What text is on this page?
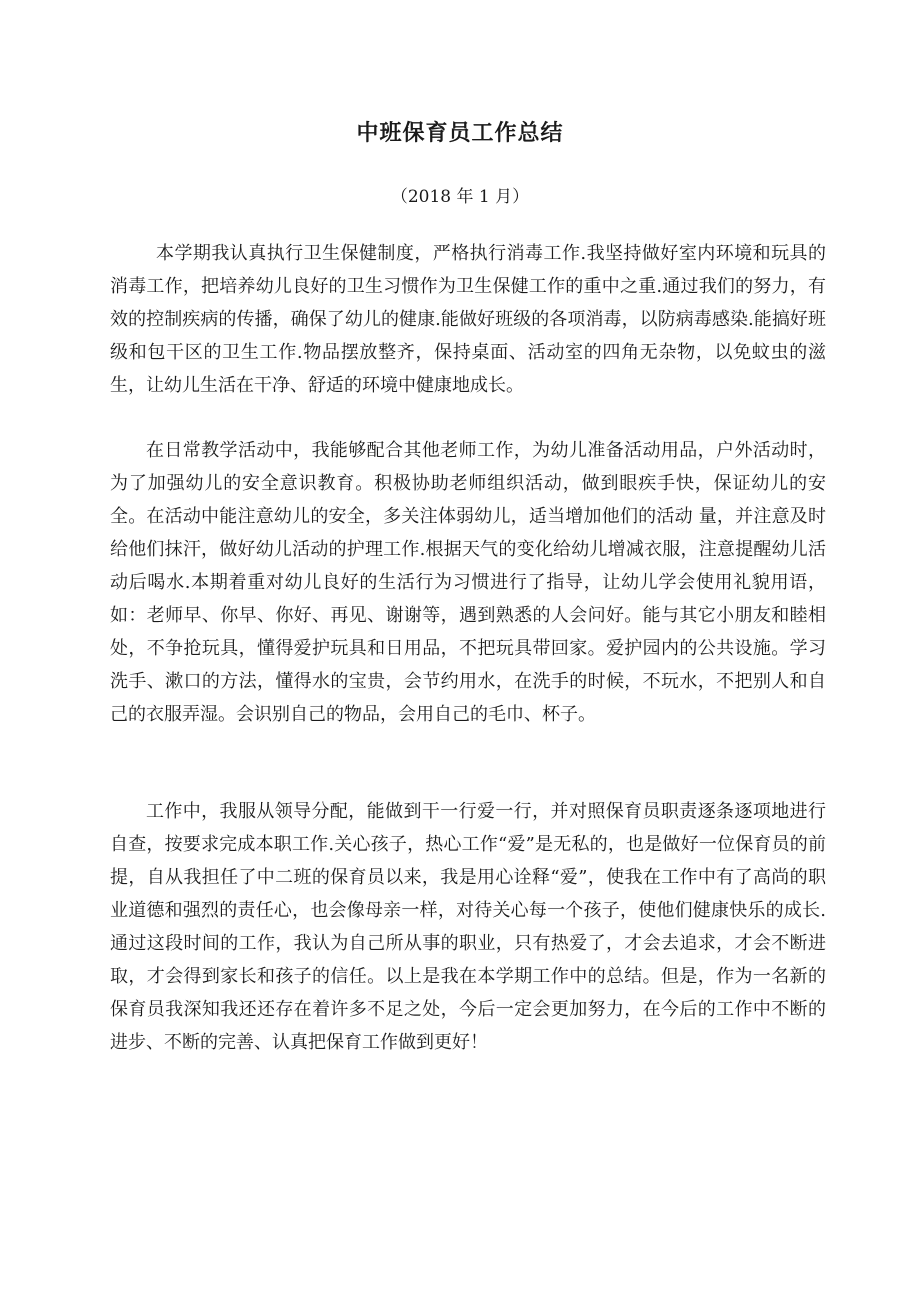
中班保育员工作总结

（2018 年 1 月）

本学期我认真执行卫生保健制度，严格执行消毒工作.我坚持做好室内环境和玩具的消毒工作，把培养幼儿良好的卫生习惯作为卫生保健工作的重中之重.通过我们的努力，有效的控制疾病的传播，确保了幼儿的健康.能做好班级的各项消毒，以防病毒感染.能搞好班级和包干区的卫生工作.物品摆放整齐，保持桌面、活动室的四角无杂物，以免蚊虫的滋生，让幼儿生活在干净、舒适的环境中健康地成长。

在日常教学活动中，我能够配合其他老师工作，为幼儿准备活动用品，户外活动时，为了加强幼儿的安全意识教育。积极协助老师组织活动，做到眼疾手快，保证幼儿的安全。在活动中能注意幼儿的安全，多关注体弱幼儿，适当增加他们的活动 量，并注意及时给他们抹汗，做好幼儿活动的护理工作.根据天气的变化给幼儿增减衣服，注意提醒幼儿活动后喝水.本期着重对幼儿良好的生活行为习惯进行了指导，让幼儿学会使用礼貌用语，如：老师早、你早、你好、再见、谢谢等，遇到熟悉的人会问好。能与其它小朋友和睦相处，不争抢玩具，懂得爱护玩具和日用品，不把玩具带回家。爱护园内的公共设施。学习洗手、漱口的方法，懂得水的宝贵，会节约用水，在洗手的时候，不玩水，不把别人和自己的衣服弄湿。会识别自己的物品，会用自己的毛巾、杯子。

工作中，我服从领导分配，能做到干一行爱一行，并对照保育员职责逐条逐项地进行自查，按要求完成本职工作.关心孩子，热心工作“爱”是无私的，也是做好一位保育员的前提，自从我担任了中二班的保育员以来，我是用心诠释“爱”，使我在工作中有了高尚的职业道德和强烈的责任心，也会像母亲一样，对待关心每一个孩子，使他们健康快乐的成长.通过这段时间的工作，我认为自己所从事的职业，只有热爱了，才会去追求，才会不断进取，才会得到家长和孩子的信任。以上是我在本学期工作中的总结。但是，作为一名新的保育员我深知我还还存在着许多不足之处，今后一定会更加努力，在今后的工作中不断的进步、不断的完善、认真把保育工作做到更好！
